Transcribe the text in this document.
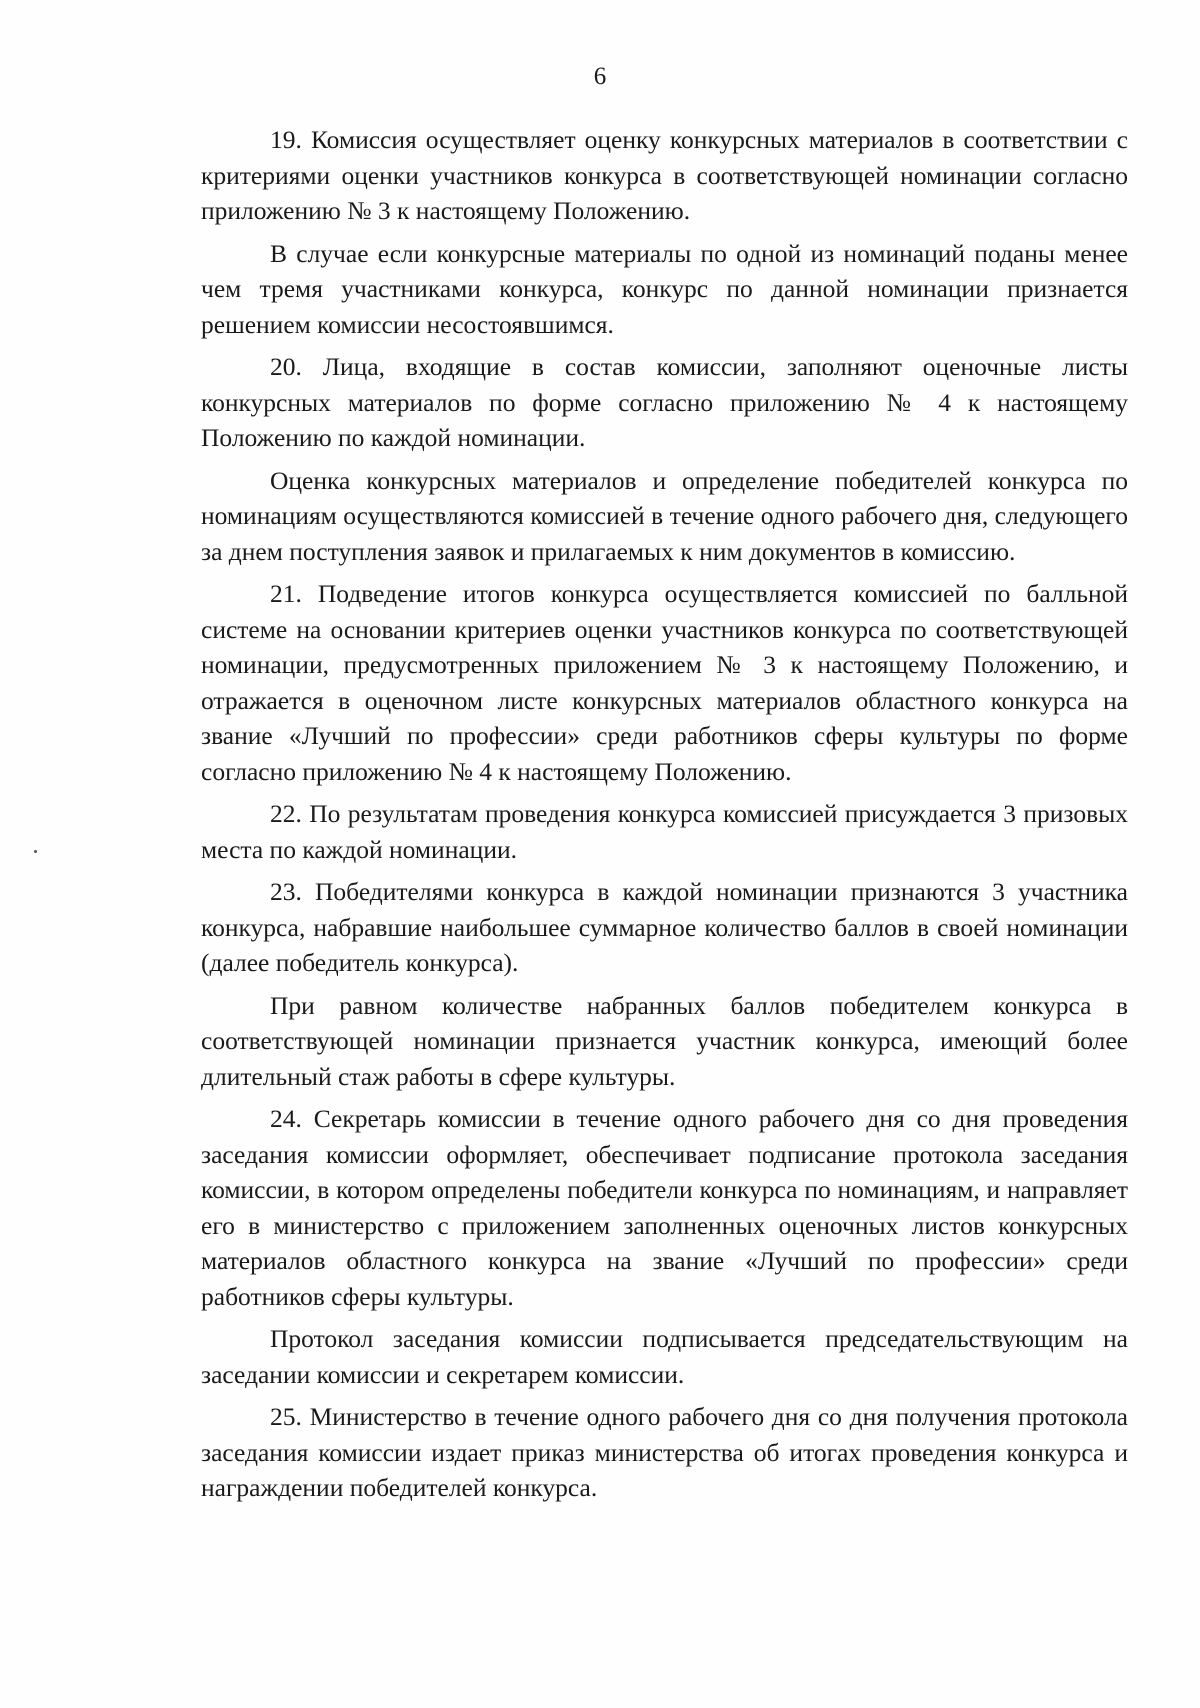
6

19. Комиссия осуществляет оценку конкурсных материалов в соответствии с критериями оценки участников конкурса в соответствующей номинации согласно приложению № 3 к настоящему Положению.

В случае если конкурсные материалы по одной из номинаций поданы менее чем тремя участниками конкурса, конкурс по данной номинации признается решением комиссии несостоявшимся.

20. Лица, входящие в состав комиссии, заполняют оценочные листы конкурсных материалов по форме согласно приложению № 4 к настоящему Положению по каждой номинации.

Оценка конкурсных материалов и определение победителей конкурса по номинациям осуществляются комиссией в течение одного рабочего дня, следующего за днем поступления заявок и прилагаемых к ним документов в комиссию.

21. Подведение итогов конкурса осуществляется комиссией по балльной системе на основании критериев оценки участников конкурса по соответствующей номинации, предусмотренных приложением № 3 к настоящему Положению, и отражается в оценочном листе конкурсных материалов областного конкурса на звание «Лучший по профессии» среди работников сферы культуры по форме согласно приложению № 4 к настоящему Положению.

22. По результатам проведения конкурса комиссией присуждается 3 призовых места по каждой номинации.

23. Победителями конкурса в каждой номинации признаются 3 участника конкурса, набравшие наибольшее суммарное количество баллов в своей номинации (далее победитель конкурса).

При равном количестве набранных баллов победителем конкурса в соответствующей номинации признается участник конкурса, имеющий более длительный стаж работы в сфере культуры.

24. Секретарь комиссии в течение одного рабочего дня со дня проведения заседания комиссии оформляет, обеспечивает подписание протокола заседания комиссии, в котором определены победители конкурса по номинациям, и направляет его в министерство с приложением заполненных оценочных листов конкурсных материалов областного конкурса на звание «Лучший по профессии» среди работников сферы культуры.

Протокол заседания комиссии подписывается председательствующим на заседании комиссии и секретарем комиссии.

25. Министерство в течение одного рабочего дня со дня получения протокола заседания комиссии издает приказ министерства об итогах проведения конкурса и награждении победителей конкурса.
